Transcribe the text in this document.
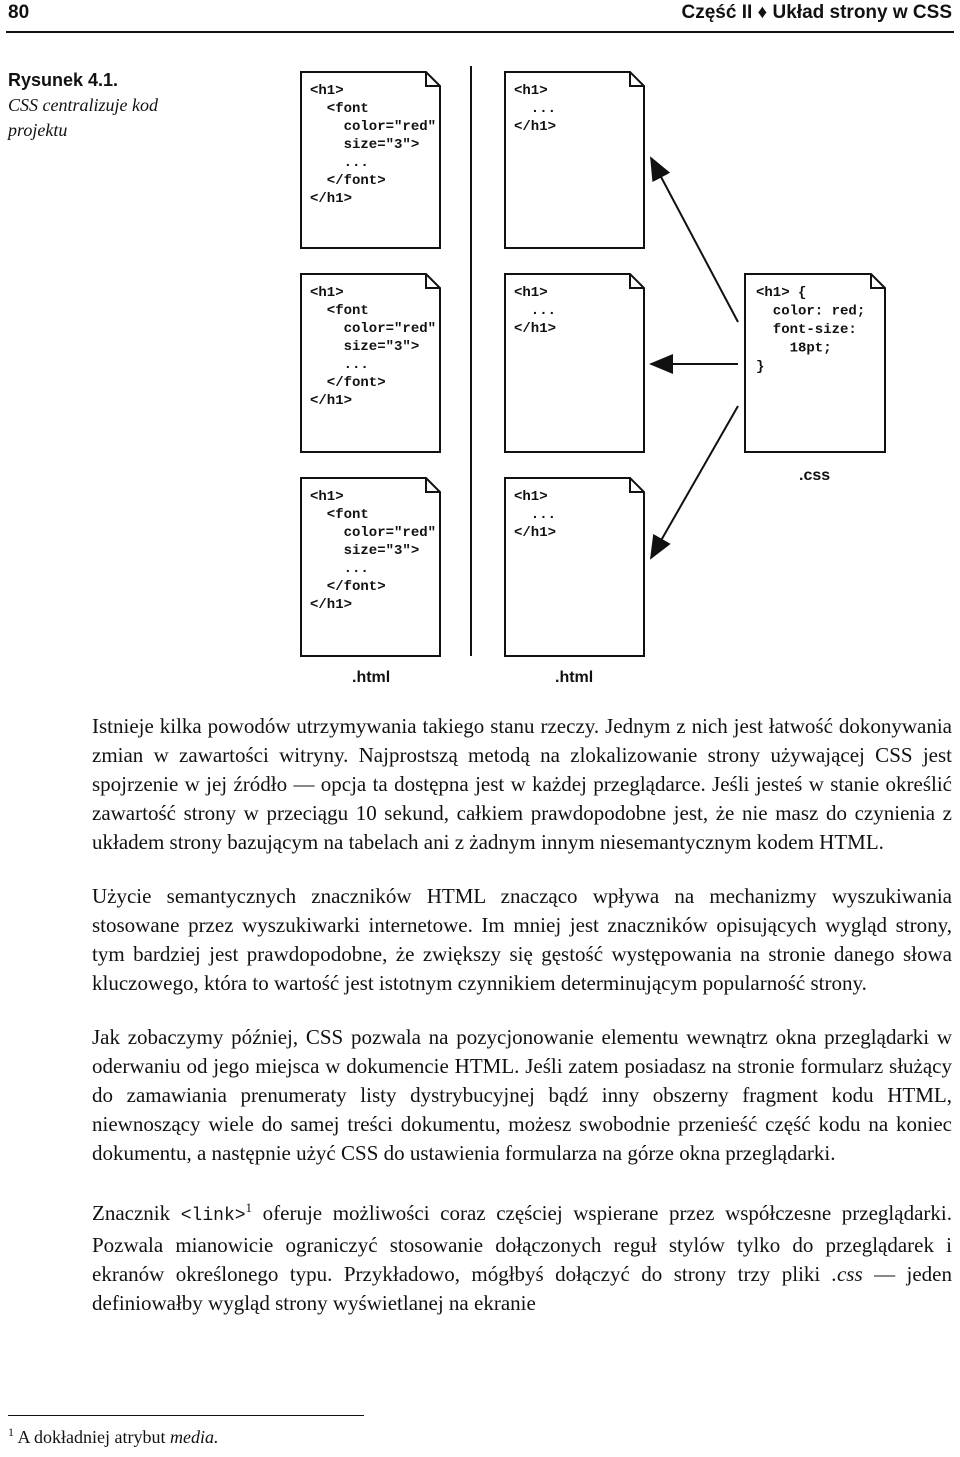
80	Część II ♦ Układ strony w CSS
Rysunek 4.1.
CSS centralizuje kod projektu
<h1>  <font    color="red"    size="3">    ...  </font> </h1>
<h1>  <font    color="red"    size="3">    ...  </font> </h1>
<h1>  <font    color="red"    size="3">    ...  </font> </h1>
<h1>  ... </h1>
<h1>  ... </h1>
<h1>  ... </h1>
<h1> {  color: red;  font-size:    18pt; }
.html	.html
.css

Istnieje kilka powodów utrzymywania takiego stanu rzeczy. Jednym z nich jest łatwość dokonywania zmian w zawartości witryny. Najprostszą metodą na zlokalizowanie strony używającej CSS jest spojrzenie w jej źródło — opcja ta dostępna jest w każdej przeglądarce. Jeśli jesteś w stanie określić zawartość strony w przeciągu 10 sekund, całkiem prawdopodobne jest, że nie masz do czynienia z układem strony bazującym na tabelach ani z żadnym innym niesemantycznym kodem HTML.

Użycie semantycznych znaczników HTML znacząco wpływa na mechanizmy wyszukiwania stosowane przez wyszukiwarki internetowe. Im mniej jest znaczników opisujących wygląd strony, tym bardziej jest prawdopodobne, że zwiększy się gęstość występowania na stronie danego słowa kluczowego, która to wartość jest istotnym czynnikiem determinującym popularność strony.

Jak zobaczymy później, CSS pozwala na pozycjonowanie elementu wewnątrz okna przeglądarki w oderwaniu od jego miejsca w dokumencie HTML. Jeśli zatem posiadasz na stronie formularz służący do zamawiania prenumeraty listy dystrybucyjnej bądź inny obszerny fragment kodu HTML, niewnoszący wiele do samej treści dokumentu, możesz swobodnie przenieść część kodu na koniec dokumentu, a następnie użyć CSS do ustawienia formularza na górze okna przeglądarki.

Znacznik <link>$^1$ oferuje możliwości coraz częściej wspierane przez współczesne przeglądarki. Pozwala mianowicie ograniczyć stosowanie dołączonych reguł stylów tylko do przeglądarek i ekranów określonego typu. Przykładowo, mógłbyś dołączyć do strony trzy pliki .css — jeden definiowałby wygląd strony wyświetlanej na ekranie

$^1$ A dokładniej atrybut media.
